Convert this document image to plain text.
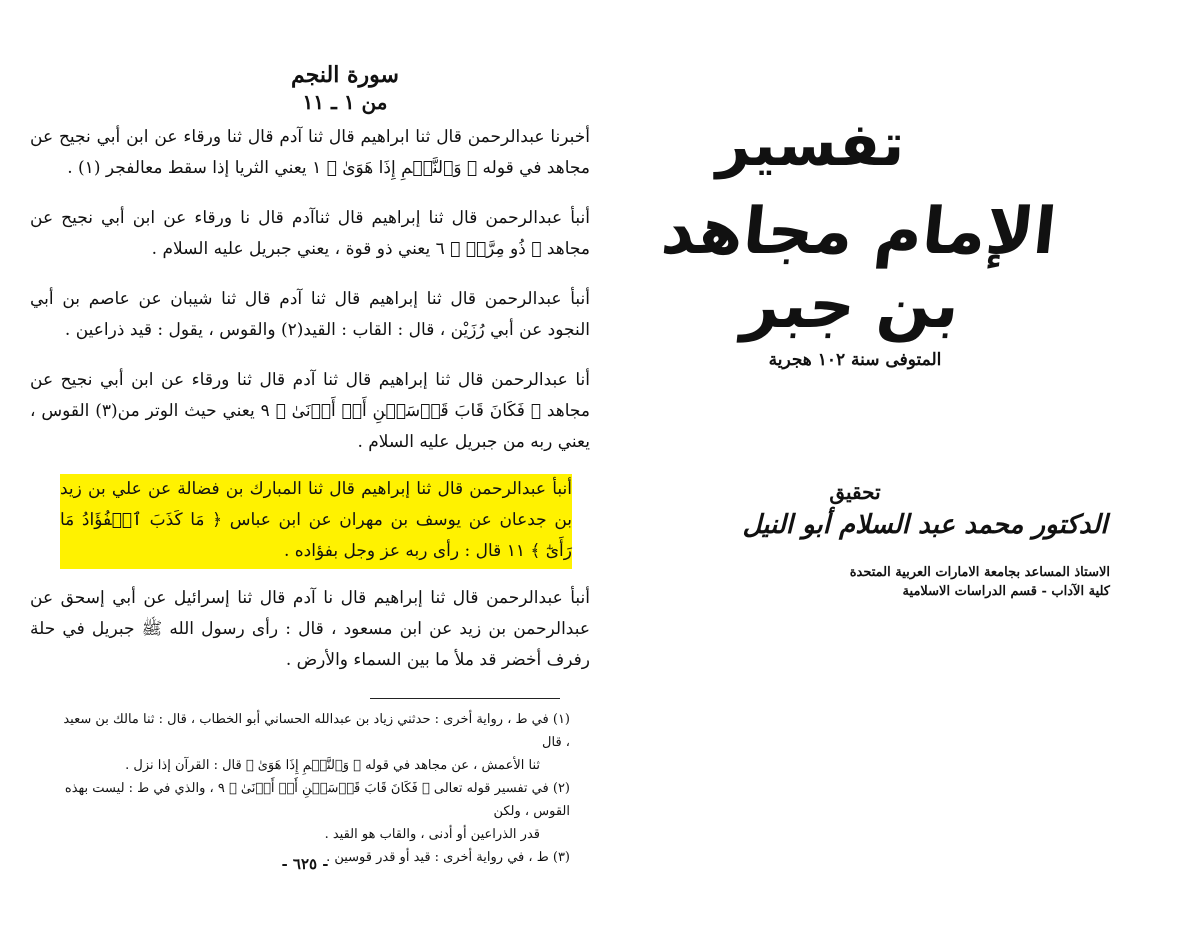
سورة النجم
من ١ ـ ١١
أخبرنا عبدالرحمن قال ثنا ابراهيم قال ثنا آدم قال ثنا ورقاء عن ابن أبي نجيح عن مجاهد في قوله ﴿ وَٱلنَّجۡمِ إِذَا هَوَىٰ ﴾ ١ يعني الثريا إذا سقط معالفجر (١) .
أنبأ عبدالرحمن قال ثنا إبراهيم قال ثناآدم قال نا ورقاء عن ابن أبي نجيح عن مجاهد ﴿ ذُو مِرَّةٖ ﴾ ٦ يعني ذو قوة ، يعني جبريل عليه السلام .
أنبأ عبدالرحمن قال ثنا إبراهيم قال ثنا آدم قال ثنا شيبان عن عاصم بن أبي النجود عن أبي رُزَيْن ، قال : القاب : القيد(٢) والقوس ، يقول : قيد ذراعين .
أنا عبدالرحمن قال ثنا إبراهيم قال ثنا آدم قال ثنا ورقاء عن ابن أبي نجيح عن مجاهد ﴿ فَكَانَ قَابَ قَوۡسَيۡنِ أَوۡ أَدۡنَىٰ ﴾ ٩ يعني حيث الوتر من(٣) القوس ، يعني ربه من جبريل عليه السلام .
أنبأ عبدالرحمن قال ثنا إبراهيم قال ثنا المبارك بن فضالة عن علي بن زيد بن جدعان عن يوسف بن مهران عن ابن عباس ﴿ مَا كَذَبَ ٱلۡفُؤَادُ مَا رَأَىٰٓ ﴾ ١١ قال : رأى ربه عز وجل بفؤاده .
أنبأ عبدالرحمن قال ثنا إبراهيم قال نا آدم قال ثنا إسرائيل عن أبي إسحق عن عبدالرحمن بن زيد عن ابن مسعود ، قال : رأى رسول الله ﷺ جبريل في حلة رفرف أخضر قد ملأ ما بين السماء والأرض .

(١) في ط ، رواية أخرى : حدثني زياد بن عبدالله الحساني أبو الخطاب ، قال : ثنا مالك بن سعيد ، قال
ثنا الأعمش ، عن مجاهد في قوله ﴿ وَٱلنَّجۡمِ إِذَا هَوَىٰ ﴾ قال : القرآن إذا نزل .

(٢) في تفسير قوله تعالى ﴿ فَكَانَ قَابَ قَوۡسَيۡنِ أَوۡ أَدۡنَىٰ ﴾ ٩ ، والذي في ط : ليست بهذه القوس ، ولكن
قدر الذراعين أو أدنى ، والقاب هو القيد .

(٣) ط ، في رواية أخرى : قيد أو قدر قوسين .

- ٦٢٥ -
تفسير
الإمام مجاهد بن جبر
المتوفى سنة ١٠٢ هجرية
تحقيق
الدكتور محمد عبد السلام أبو النيل
الاستاذ المساعد بجامعة الامارات العربية المتحدة
كلية الآداب - قسم الدراسات الاسلامية
